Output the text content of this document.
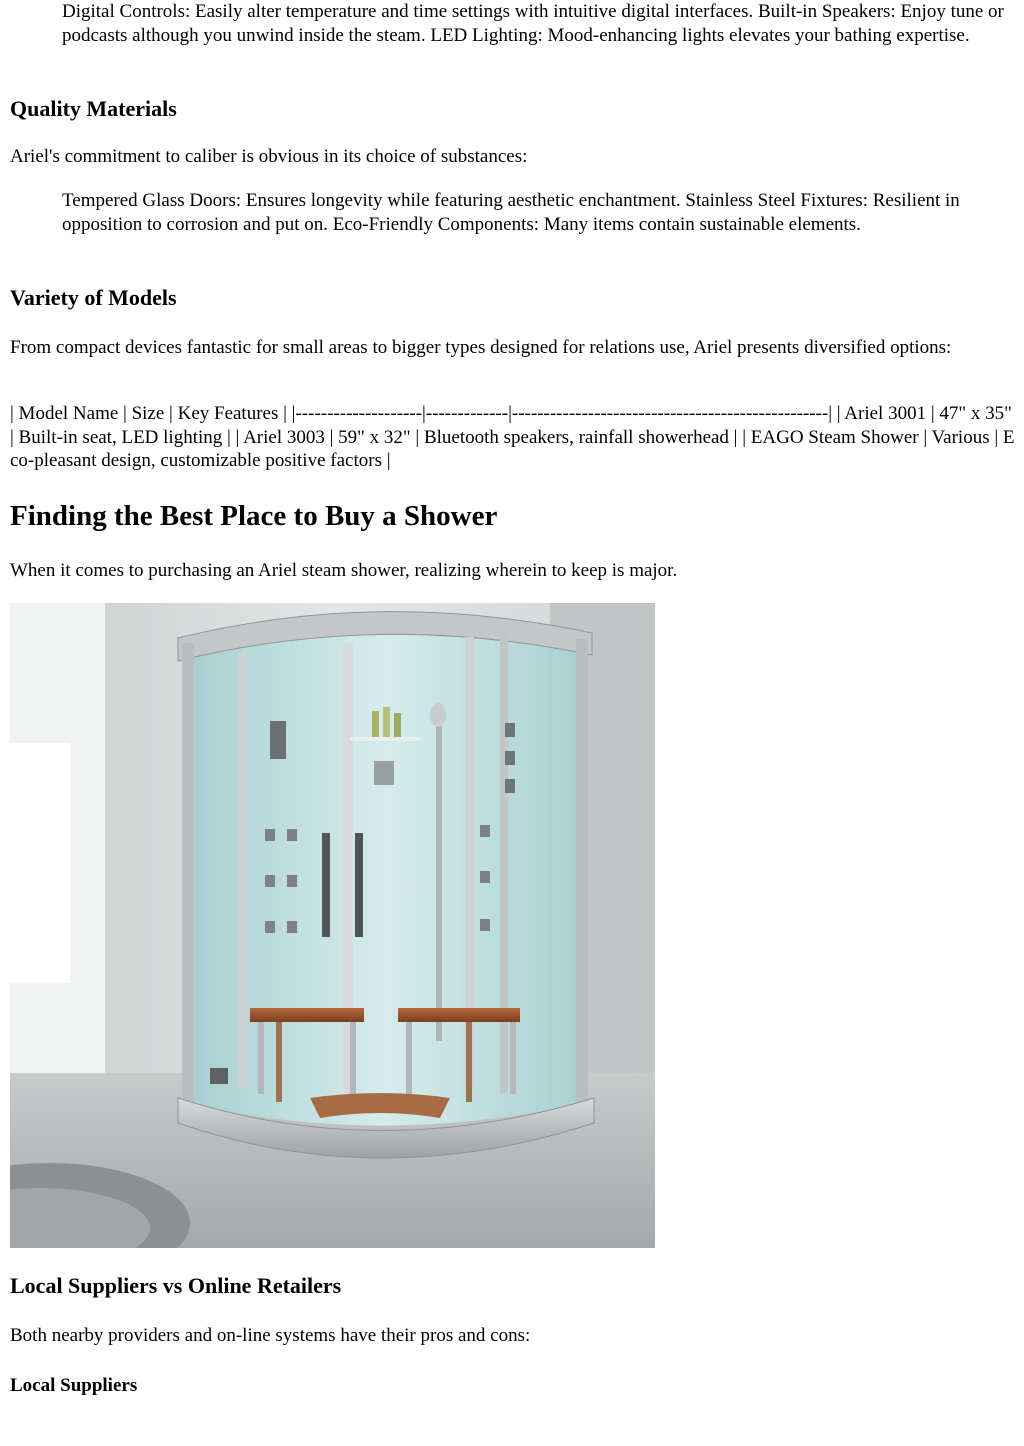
Digital Controls: Easily alter temperature and time settings with intuitive digital interfaces. Built-in Speakers: Enjoy tune or podcasts although you unwind inside the steam. LED Lighting: Mood-enhancing lights elevates your bathing expertise.

Quality Materials

Ariel's commitment to caliber is obvious in its choice of substances:

Tempered Glass Doors: Ensures longevity while featuring aesthetic enchantment. Stainless Steel Fixtures: Resilient in opposition to corrosion and put on. Eco-Friendly Components: Many items contain sustainable elements.

Variety of Models

From compact devices fantastic for small areas to bigger types designed for relations use, Ariel presents diversified options:

| Model Name | Size | Key Features | |--------------------|-------------|--------------------------------------------------| | Ariel 3001 | 47" x 35" | Built-in seat, LED lighting | | Ariel 3003 | 59" x 32" | Bluetooth speakers, rainfall showerhead | | EAGO Steam Shower | Various | Eco-pleasant design, customizable positive factors |

Finding the Best Place to Buy a Shower

When it comes to purchasing an Ariel steam shower, realizing wherein to keep is major.

Local Suppliers vs Online Retailers

Both nearby providers and on-line systems have their pros and cons:

Local Suppliers
